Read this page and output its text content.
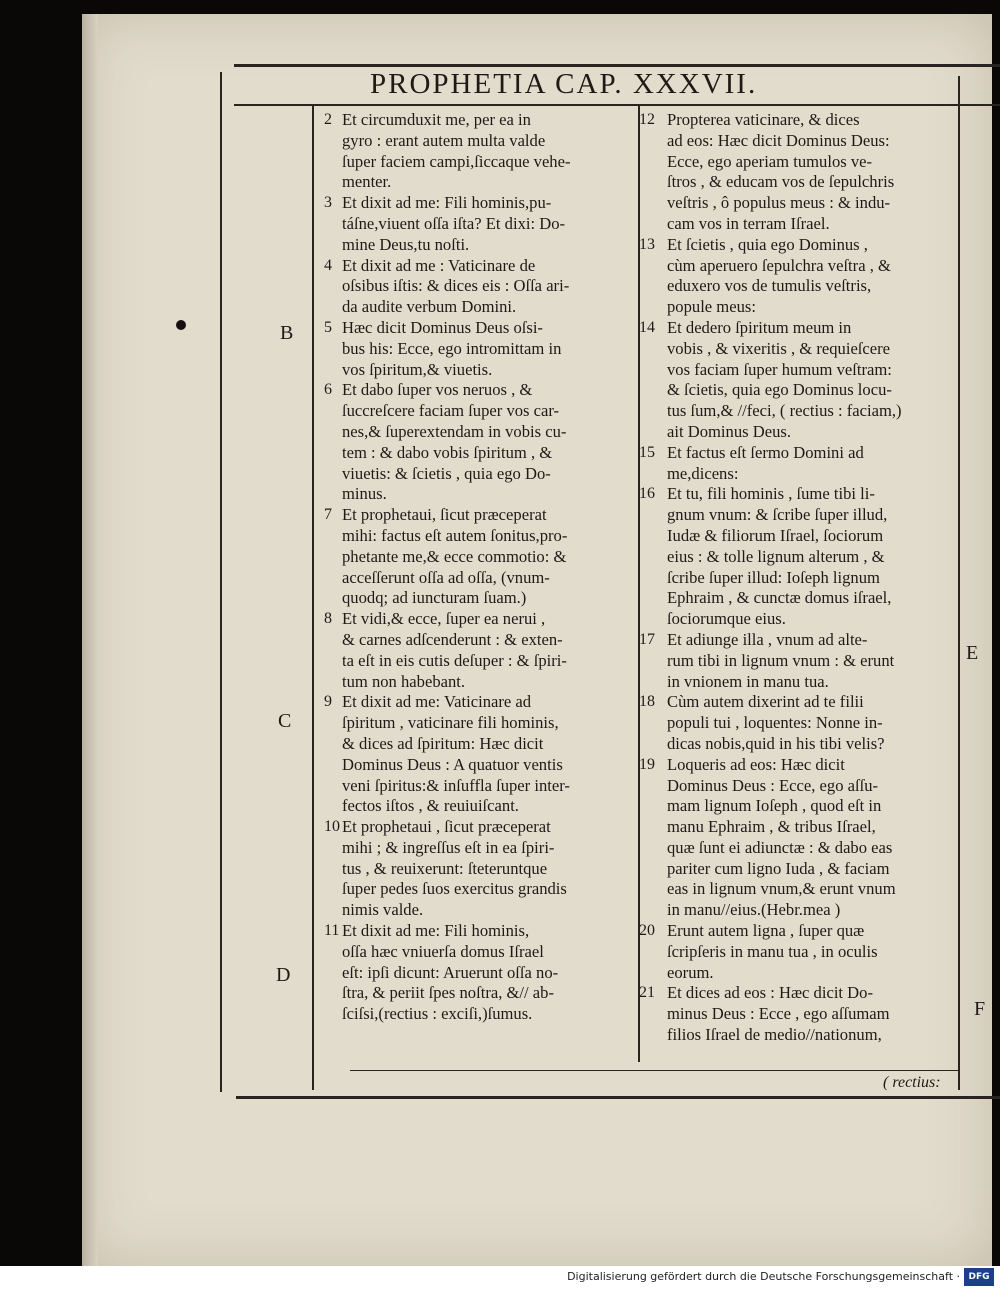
PROPHETIA CAP. XXXVII.
B
C
D
E
F
2 Et circumduxit me, per ea in
gyro : erant autem multa valde
ſuper faciem campi,ſiccaque vehe-
menter.
3 Et dixit ad me: Fili hominis,pu-
táſne,viuent oſſa iſta? Et dixi: Do-
mine Deus,tu noſti.
4 Et dixit ad me : Vaticinare de
oſsibus iſtis: & dices eis : Oſſa ari-
da audite verbum Domini.
5 Hæc dicit Dominus Deus oſsi-
bus his: Ecce, ego intromittam in
vos ſpiritum,& viuetis.
6 Et dabo ſuper vos neruos , &
ſuccreſcere faciam ſuper vos car-
nes,& ſuperextendam in vobis cu-
tem : & dabo vobis ſpiritum , &
viuetis: & ſcietis , quia ego Do-
minus.
7 Et prophetaui, ſicut præceperat
mihi: factus eſt autem ſonitus,pro-
phetante me,& ecce commotio: &
acceſſerunt oſſa ad oſſa, (vnum-
quodq; ad iuncturam ſuam.)
8 Et vidi,& ecce, ſuper ea nerui ,
& carnes adſcenderunt : & exten-
ta eſt in eis cutis deſuper : & ſpiri-
tum non habebant.
9 Et dixit ad me: Vaticinare ad
ſpiritum , vaticinare fili hominis,
& dices ad ſpiritum: Hæc dicit
Dominus Deus : A quatuor ventis
veni ſpiritus:& inſuffla ſuper inter-
fectos iſtos , & reuiuiſcant.
10 Et prophetaui , ſicut præceperat
mihi ; & ingreſſus eſt in ea ſpiri-
tus , & reuixerunt: ſteteruntque
ſuper pedes ſuos exercitus grandis
nimis valde.
11 Et dixit ad me: Fili hominis,
oſſa hæc vniuerſa domus Iſrael
eſt: ipſi dicunt: Aruerunt oſſa no-
ſtra, & periit ſpes noſtra, &// ab-
ſciſsi,(rectius : exciſi,)ſumus.
12 Propterea vaticinare, & dices
ad eos: Hæc dicit Dominus Deus:
Ecce, ego aperiam tumulos ve-
ſtros , & educam vos de ſepulchris
veſtris , ô populus meus : & indu-
cam vos in terram Iſrael.
13 Et ſcietis , quia ego Dominus ,
cùm aperuero ſepulchra veſtra , &
eduxero vos de tumulis veſtris,
popule meus:
14 Et dedero ſpiritum meum in
vobis , & vixeritis , & requieſcere
vos faciam ſuper humum veſtram:
& ſcietis, quia ego Dominus locu-
tus ſum,& //feci, ( rectius : faciam,)
ait Dominus Deus.
15 Et factus eſt ſermo Domini ad
me,dicens:
16 Et tu, fili hominis , ſume tibi li-
gnum vnum: & ſcribe ſuper illud,
Iudæ & filiorum Iſrael, ſociorum
eius : & tolle lignum alterum , &
ſcribe ſuper illud: Ioſeph lignum
Ephraim , & cunctæ domus iſrael,
ſociorumque eius.
17 Et adiunge illa , vnum ad alte-
rum tibi in lignum vnum : & erunt
in vnionem in manu tua.
18 Cùm autem dixerint ad te filii
populi tui , loquentes: Nonne in-
dicas nobis,quid in his tibi velis?
19 Loqueris ad eos: Hæc dicit
Dominus Deus : Ecce, ego aſſu-
mam lignum Ioſeph , quod eſt in
manu Ephraim , & tribus Iſrael,
quæ ſunt ei adiunctæ : & dabo eas
pariter cum ligno Iuda , & faciam
eas in lignum vnum,& erunt vnum
in manu//eius.(Hebr.mea )
20 Erunt autem ligna , ſuper quæ
ſcripſeris in manu tua , in oculis
eorum.
21 Et dices ad eos : Hæc dicit Do-
minus Deus : Ecce , ego aſſumam
filios Iſrael de medio//nationum,
( rectius:
Digitalisierung gefördert durch die Deutsche Forschungsgemeinschaft · DFG
